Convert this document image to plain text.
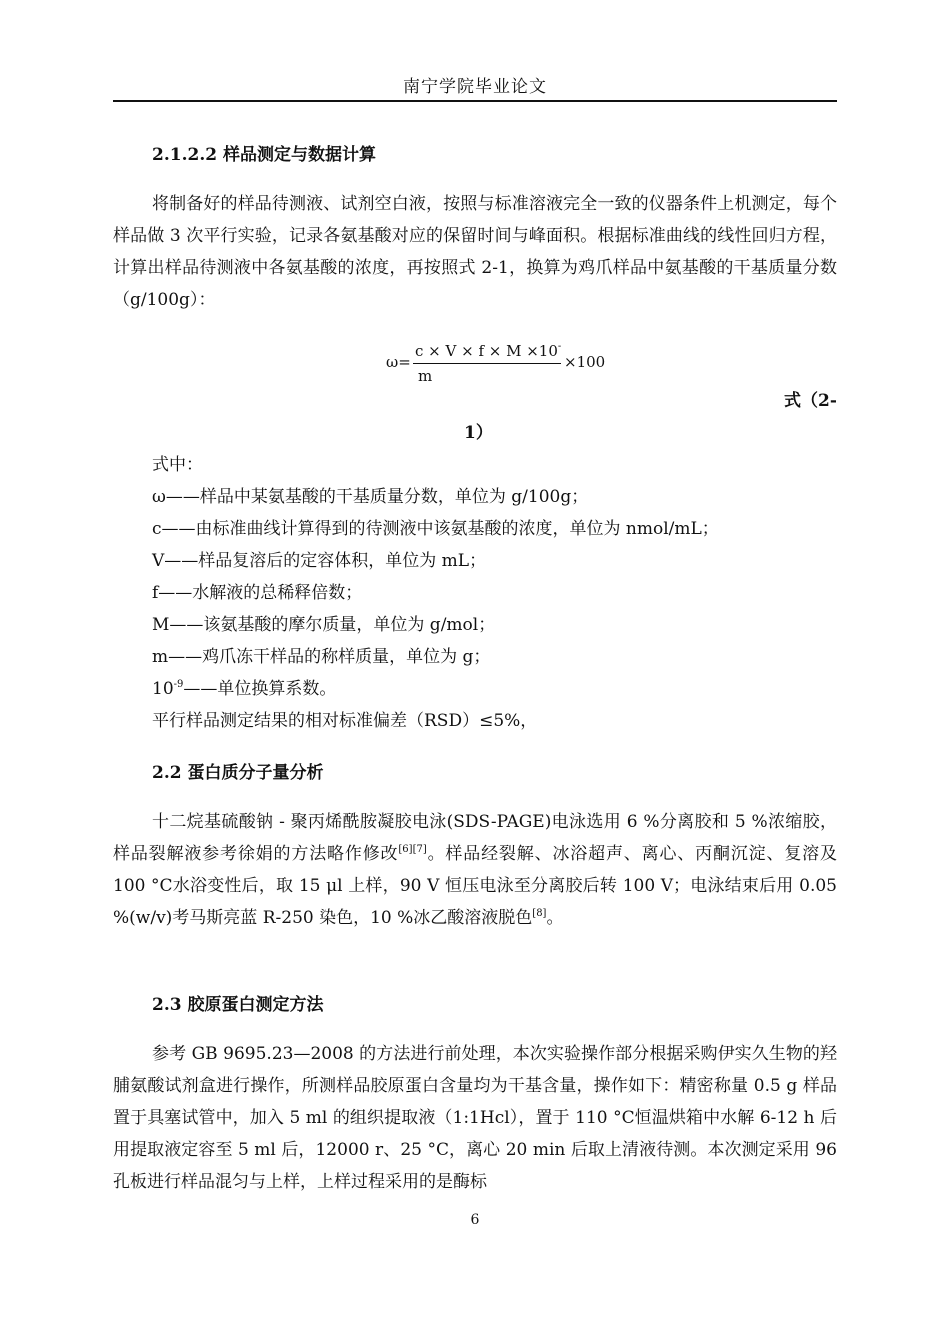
南宁学院毕业论文
2.1.2.2 样品测定与数据计算
将制备好的样品待测液、试剂空白液，按照与标准溶液完全一致的仪器条件上机测定，每个样品做 3 次平行实验，记录各氨基酸对应的保留时间与峰面积。根据标准曲线的线性回归方程，计算出样品待测液中各氨基酸的浓度，再按照式 2-1，换算为鸡爪样品中氨基酸的干基质量分数（g/100g）：
ω=
c × V × f × M ×10-
m
×100
式（2-
1）
式中：
ω——样品中某氨基酸的干基质量分数，单位为 g/100g；
c——由标准曲线计算得到的待测液中该氨基酸的浓度，单位为 nmol/mL；
V——样品复溶后的定容体积，单位为 mL；
f——水解液的总稀释倍数；
M——该氨基酸的摩尔质量，单位为 g/mol；
m——鸡爪冻干样品的称样质量，单位为 g；
$10^{-9}——$单位换算系数。
平行样品测定结果的相对标准偏差（RSD）≤5%，
2.2 蛋白质分子量分析
十二烷基硫酸钠 - 聚丙烯酰胺凝胶电泳(SDS-PAGE)电泳选用 6 %分离胶和 5 %浓缩胶，样品裂解液参考徐娟的方法略作修改[6][7]。样品经裂解、冰浴超声、离心、丙酮沉淀、复溶及 100 °C水浴变性后，取 15 μl 上样，90 V 恒压电泳至分离胶后转 100 V；电泳结束后用 0.05 %(w/v)考马斯亮蓝 R-250 染色，10 %冰乙酸溶液脱色[8]。
2.3 胶原蛋白测定方法
参考 GB 9695.23—2008 的方法进行前处理，本次实验操作部分根据采购伊实久生物的羟脯氨酸试剂盒进行操作，所测样品胶原蛋白含量均为干基含量，操作如下：精密称量 0.5 g 样品置于具塞试管中，加入 5 ml 的组织提取液（1:1Hcl），置于 110 °C恒温烘箱中水解 6-12 h 后用提取液定容至 5 ml 后，12000 r、25 °C，离心 20 min 后取上清液待测。本次测定采用 96 孔板进行样品混匀与上样，上样过程采用的是酶标
6
